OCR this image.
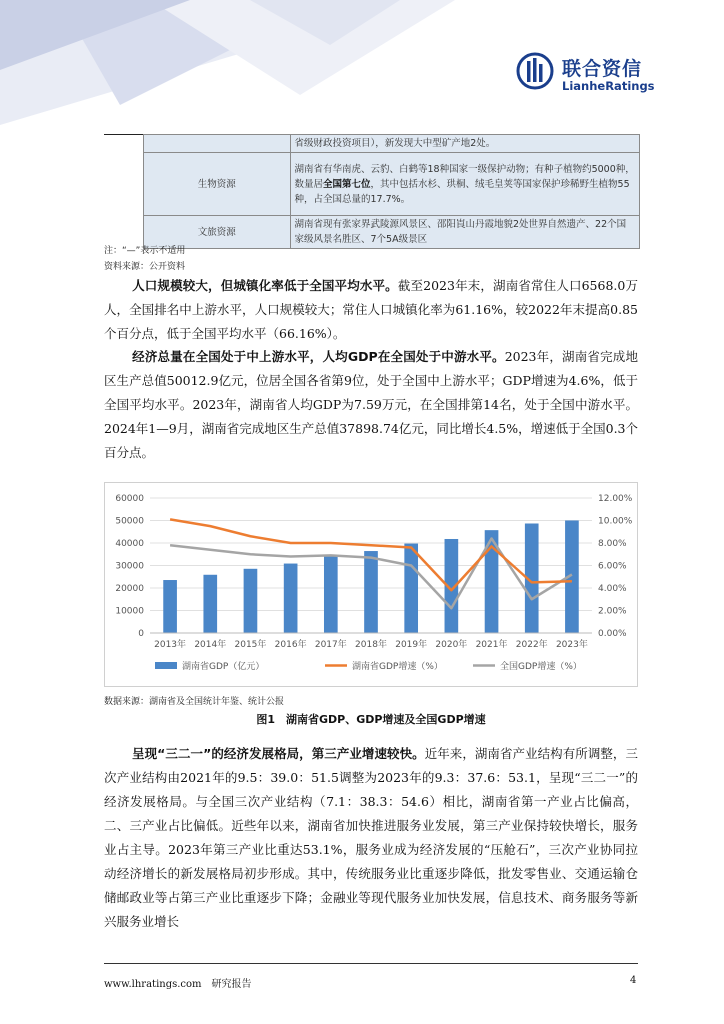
联合资信
LianheRatings
	省级财政投资项目），新发现大中型矿产地2处。
生物资源	湖南省有华南虎、云豹、白鹤等18种国家一级保护动物；有种子植物约5000种，数量居全国第七位，其中包括水杉、珙桐、绒毛皇荚等国家保护珍稀野生植物55种，占全国总量的17.7%。
文旅资源	湖南省现有张家界武陵源风景区、邵阳崀山丹霞地貌2处世界自然遗产、22个国家级风景名胜区、7个5A级景区
注：“—”表示不适用
资料来源：公开资料
人口规模较大，但城镇化率低于全国平均水平。截至2023年末，湖南省常住人口6568.0万人，全国排名中上游水平，人口规模较大；常住人口城镇化率为61.16%，较2022年末提高0.85个百分点，低于全国平均水平（66.16%）。
经济总量在全国处于中上游水平，人均GDP在全国处于中游水平。2023年，湖南省完成地区生产总值50012.9亿元，位居全国各省第9位，处于全国中上游水平；GDP增速为4.6%，低于全国平均水平。2023年，湖南省人均GDP为7.59万元，在全国排第14名，处于全国中游水平。2024年1—9月，湖南省完成地区生产总值37898.74亿元，同比增长4.5%，增速低于全国0.3个百分点。
60000
50000
40000
30000
20000
10000
0
12.00%
10.00%
8.00%
6.00%
4.00%
2.00%
0.00%
2013年 2014年 2015年 2016年 2017年 2018年 2019年 2020年 2021年 2022年 2023年
湖南省GDP（亿元）	湖南省GDP增速（%）	全国GDP增速（%）
数据来源：湖南省及全国统计年鉴、统计公报
图1　湖南省GDP、GDP增速及全国GDP增速
呈现“三二一”的经济发展格局，第三产业增速较快。近年来，湖南省产业结构有所调整，三次产业结构由2021年的9.5：39.0：51.5调整为2023年的9.3：37.6：53.1，呈现“三二一”的经济发展格局。与全国三次产业结构（7.1：38.3：54.6）相比，湖南省第一产业占比偏高，二、三产业占比偏低。近些年以来，湖南省加快推进服务业发展，第三产业保持较快增长，服务业占主导。2023年第三产业比重达53.1%，服务业成为经济发展的“压舱石”，三次产业协同拉动经济增长的新发展格局初步形成。其中，传统服务业比重逐步降低，批发零售业、交通运输仓储邮政业等占第三产业比重逐步下降；金融业等现代服务业加快发展，信息技术、商务服务等新兴服务业增长
www.lhratings.com　研究报告	4
